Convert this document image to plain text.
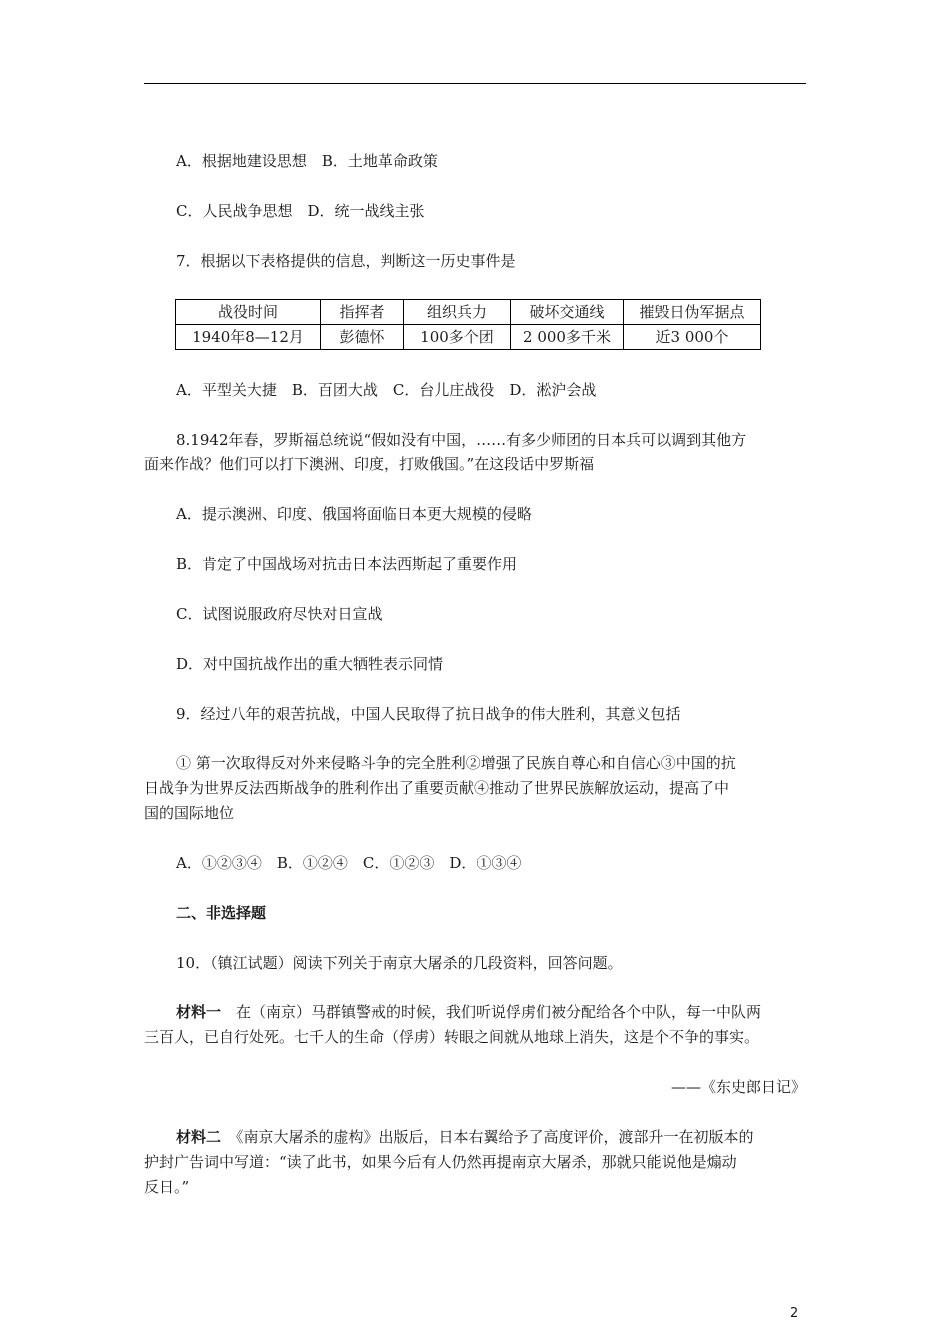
A．根据地建设思想　B．土地革命政策
C．人民战争思想　D．统一战线主张
7．根据以下表格提供的信息，判断这一历史事件是
战役时间	指挥者	组织兵力	破坏交通线	摧毁日伪军据点
1940年8—12月	彭德怀	100多个团	2 000多千米	近3 000个
A．平型关大捷　B．百团大战　C．台儿庄战役　D．淞沪会战
8.1942年春，罗斯福总统说“假如没有中国，……有多少师团的日本兵可以调到其他方
面来作战？他们可以打下澳洲、印度，打败俄国。”在这段话中罗斯福
A．提示澳洲、印度、俄国将面临日本更大规模的侵略
B．肯定了中国战场对抗击日本法西斯起了重要作用
C．试图说服政府尽快对日宣战
D．对中国抗战作出的重大牺牲表示同情
9．经过八年的艰苦抗战，中国人民取得了抗日战争的伟大胜利，其意义包括
① 第一次取得反对外来侵略斗争的完全胜利②增强了民族自尊心和自信心③中国的抗
日战争为世界反法西斯战争的胜利作出了重要贡献④推动了世界民族解放运动，提高了中
国的国际地位
A．①②③④　B．①②④　C．①②③　D．①③④
二、非选择题
10．（镇江试题）阅读下列关于南京大屠杀的几段资料，回答问题。
材料一　在（南京）马群镇警戒的时候，我们听说俘虏们被分配给各个中队，每一中队两
三百人，已自行处死。七千人的生命（俘虏）转眼之间就从地球上消失，这是个不争的事实。
——《东史郎日记》
材料二　《南京大屠杀的虚构》出版后，日本右翼给予了高度评价，渡部升一在初版本的
护封广告词中写道：“读了此书，如果今后有人仍然再提南京大屠杀，那就只能说他是煽动
反日。”
2
